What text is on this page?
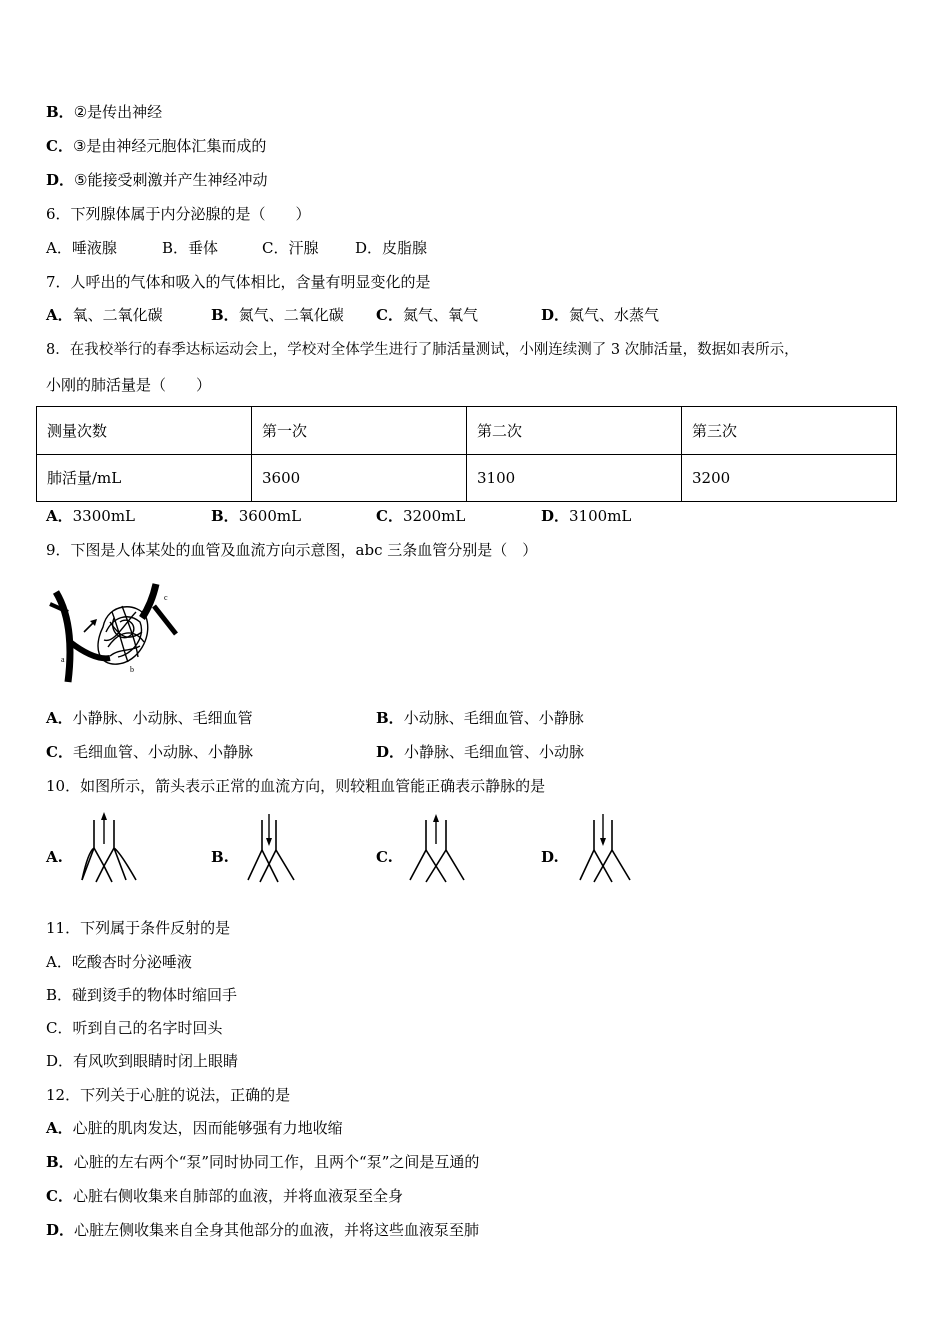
B．②是传出神经
C．③是由神经元胞体汇集而成的
D．⑤能接受刺激并产生神经冲动
6．下列腺体属于内分泌腺的是（　　）
A．唾液腺	B．垂体	C．汗腺 D．皮脂腺
7．人呼出的气体和吸入的气体相比，含量有明显变化的是
A．氧、二氧化碳	B．氮气、二氧化碳 C．氮气、氧气	D．氮气、水蒸气
8．在我校举行的春季达标运动会上，学校对全体学生进行了肺活量测试，小刚连续测了 3 次肺活量，数据如表所示，
小刚的肺活量是（　　）
测量次数	第一次	第二次	第三次
肺活量/mL	3600	3100	3200
A．3300mL	B．3600mL	C．3200mL	D．3100mL
9．下图是人体某处的血管及血流方向示意图，abc 三条血管分别是（　）
a
b
c
A．小静脉、小动脉、毛细血管	B．小动脉、毛细血管、小静脉
C．毛细血管、小动脉、小静脉	D．小静脉、毛细血管、小动脉
10．如图所示，箭头表示正常的血流方向，则较粗血管能正确表示静脉的是
A.	B.	C.	D.
11．下列属于条件反射的是
A．吃酸杏时分泌唾液
B．碰到烫手的物体时缩回手
C．听到自己的名字时回头
D．有风吹到眼睛时闭上眼睛
12．下列关于心脏的说法，正确的是
A．心脏的肌肉发达，因而能够强有力地收缩
B．心脏的左右两个“泵”同时协同工作，且两个“泵”之间是互通的
C．心脏右侧收集来自肺部的血液，并将血液泵至全身
D．心脏左侧收集来自全身其他部分的血液，并将这些血液泵至肺
